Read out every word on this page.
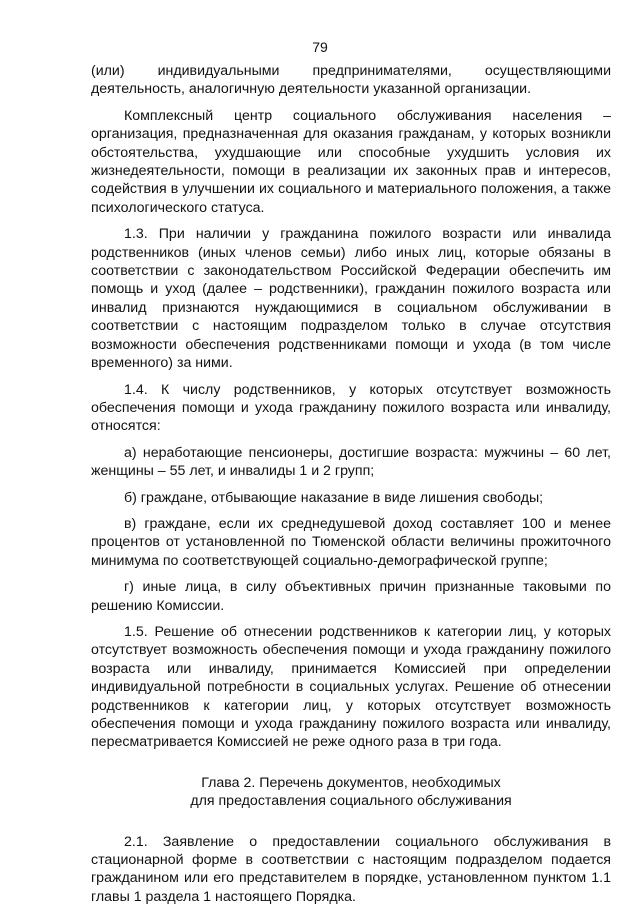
79

(или) индивидуальными предпринимателями, осуществляющими деятельность, аналогичную деятельности указанной организации.

Комплексный центр социального обслуживания населения – организация, предназначенная для оказания гражданам, у которых возникли обстоятельства, ухудшающие или способные ухудшить условия их жизнедеятельности, помощи в реализации их законных прав и интересов, содействия в улучшении их социального и материального положения, а также психологического статуса.

1.3. При наличии у гражданина пожилого возрасти или инвалида родственников (иных членов семьи) либо иных лиц, которые обязаны в соответствии с законодательством Российской Федерации обеспечить им помощь и уход (далее – родственники), гражданин пожилого возраста или инвалид признаются нуждающимися в социальном обслуживании в соответствии с настоящим подразделом только в случае отсутствия возможности обеспечения родственниками помощи и ухода (в том числе временного) за ними.

1.4. К числу родственников, у которых отсутствует возможность обеспечения помощи и ухода гражданину пожилого возраста или инвалиду, относятся:

а) неработающие пенсионеры, достигшие возраста: мужчины – 60 лет, женщины – 55 лет, и инвалиды 1 и 2 групп;

б) граждане, отбывающие наказание в виде лишения свободы;

в) граждане, если их среднедушевой доход составляет 100 и менее процентов от установленной по Тюменской области величины прожиточного минимума по соответствующей социально-демографической группе;

г) иные лица, в силу объективных причин признанные таковыми по решению Комиссии.

1.5. Решение об отнесении родственников к категории лиц, у которых отсутствует возможность обеспечения помощи и ухода гражданину пожилого возраста или инвалиду, принимается Комиссией при определении индивидуальной потребности в социальных услугах. Решение об отнесении родственников к категории лиц, у которых отсутствует возможность обеспечения помощи и ухода гражданину пожилого возраста или инвалиду, пересматривается Комиссией не реже одного раза в три года.

Глава 2. Перечень документов, необходимых
для предоставления социального обслуживания

2.1. Заявление о предоставлении социального обслуживания в стационарной форме в соответствии с настоящим подразделом подается гражданином или его представителем в порядке, установленном пунктом 1.1 главы 1 раздела 1 настоящего Порядка.
